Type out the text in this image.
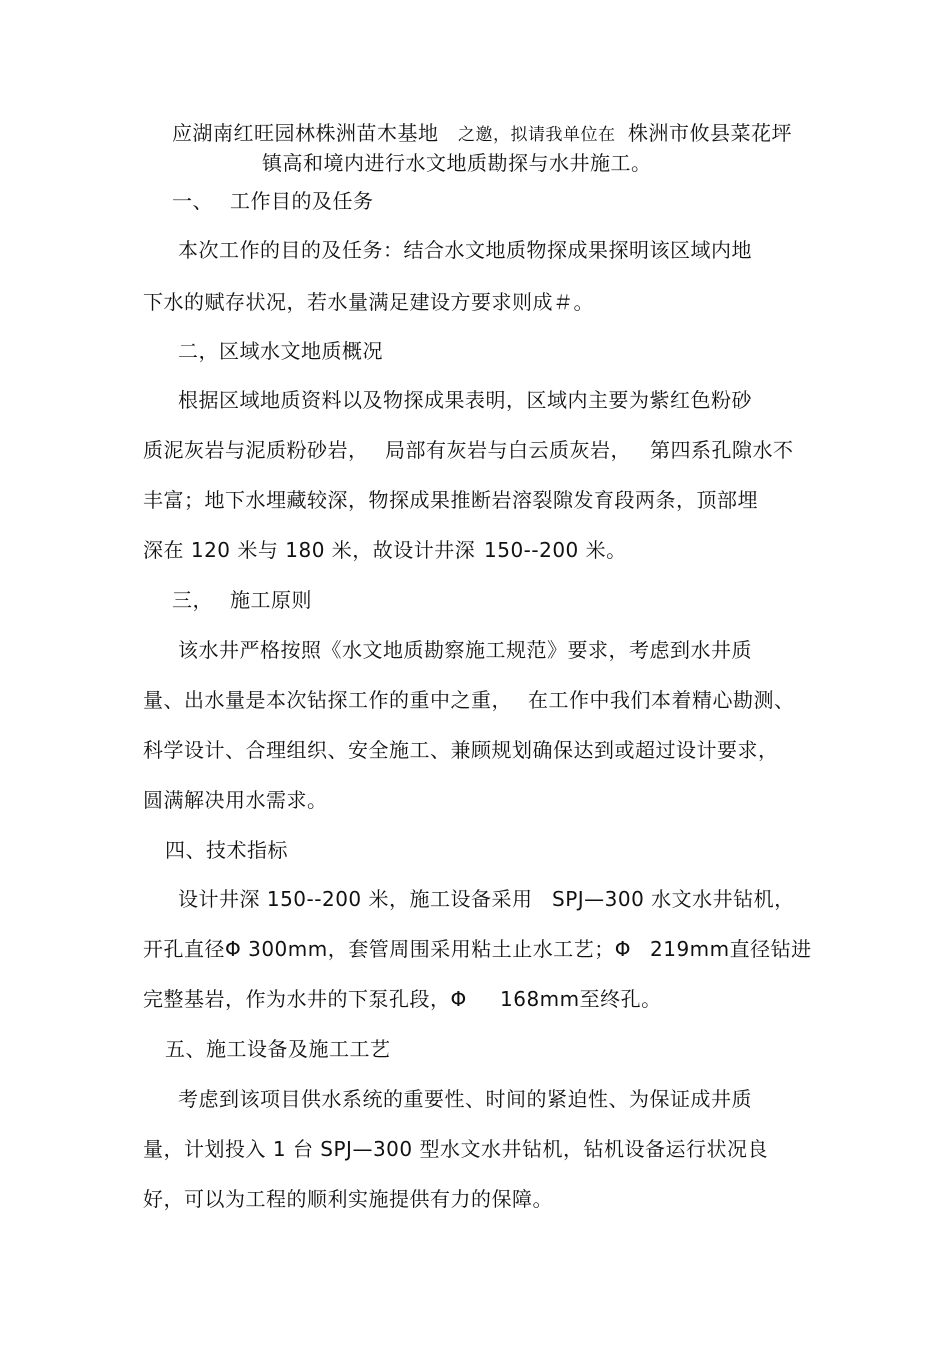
应湖南红旺园林株洲苗木基地 之邀，拟请我单位在 株洲市攸县菜花坪
镇高和境内进行水文地质勘探与水井施工。
一、 工作目的及任务
本次工作的目的及任务：结合水文地质物探成果探明该区域内地
下水的赋存状况，若水量满足建设方要求则成＃。
二，区域水文地质概况
根据区域地质资料以及物探成果表明，区域内主要为紫红色粉砂
质泥灰岩与泥质粉砂岩， 局部有灰岩与白云质灰岩， 第四系孔隙水不
丰富；地下水埋藏较深，物探成果推断岩溶裂隙发育段两条，顶部埋
深在 120 米与 180 米，故设计井深 150--200 米。
三， 施工原则
该水井严格按照《水文地质勘察施工规范》要求，考虑到水井质
量、出水量是本次钻探工作的重中之重， 在工作中我们本着精心勘测、
科学设计、合理组织、安全施工、兼顾规划确保达到或超过设计要求，
圆满解决用水需求。
四、技术指标
设计井深 150--200 米，施工设备采用 SPJ—300 水文水井钻机，
开孔直径Φ 300mm，套管周围采用粘土止水工艺；Φ 219mm直径钻进
完整基岩，作为水井的下泵孔段，Φ 168mm至终孔。
五、施工设备及施工工艺
考虑到该项目供水系统的重要性、时间的紧迫性、为保证成井质
量，计划投入 1 台 SPJ—300 型水文水井钻机，钻机设备运行状况良
好，可以为工程的顺利实施提供有力的保障。
